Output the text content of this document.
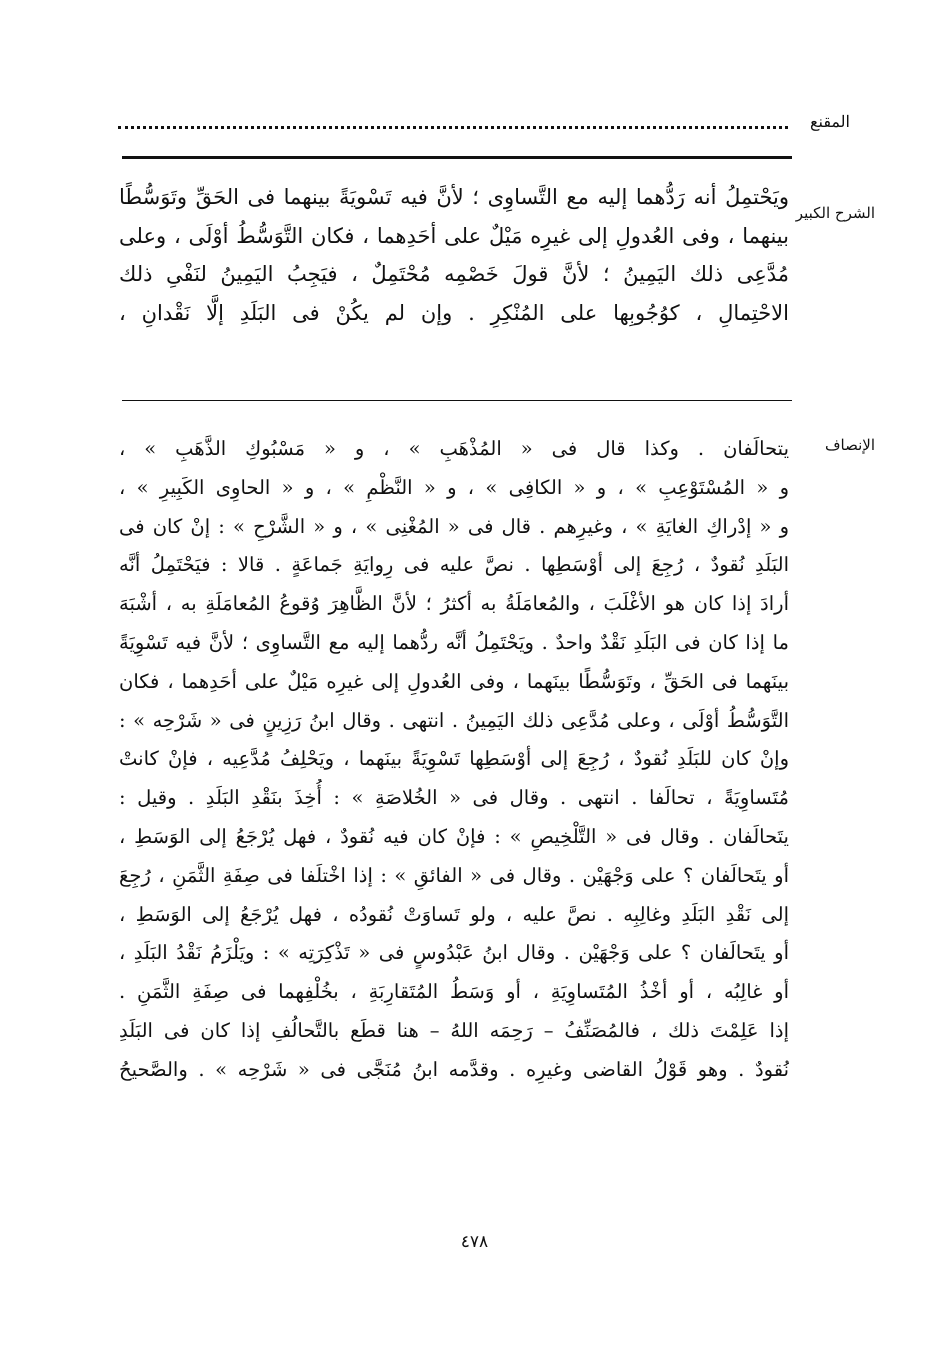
المقنع
الشرح الكبير
ويَحْتمِلُ أنه رَدُّهما إليه مع التَّساوِى ؛ لأنَّ فيه تَسْويَةً بينهما فى الحَقِّ وتَوَسُّطًا
بينهما ، وفى العُدولِ إلى غيرِه مَيْلٌ على أحَدِهما ، فكان التَّوَسُّطُ أوْلَى ، وعلى
مُدَّعِى ذلك اليَمِينُ ؛ لأنَّ قولَ خَصْمِه مُحْتَمِلٌ ، فيَجِبُ اليَمِينُ لنَفْىِ ذلك
الاحْتِمالِ ، كوُجُوبِها على المُنْكِرِ . وإن لم يكُنْ فى البَلَدِ إلَّا نَقْدانِ ،
الإنصاف
يتحالَفان . وكذا قال فى « المُذْهَبِ » ، و « مَسْبُوكِ الذَّهَبِ » ،
و « المُسْتَوْعِبِ » ، و « الكافِى » ، و « النَّظْمِ » ، و « الحاوِى الكَبِيرِ » ،
و « إدْراكِ الغايَةِ » ، وغيرِهم . قال فى « المُغْنِى » ، و « الشَّرْحِ » : إنْ كان فى
البَلَدِ نُقودٌ ، رُجِعَ إلى أوْسَطِها . نصَّ عليه فى رِوايَةِ جَماعَةٍ . قالا : فيَحْتَمِلُ أنَّه
أرادَ إذا كان هو الأغْلَبَ ، والمُعامَلَةُ به أكثرُ ؛ لأنَّ الظَّاهِرَ وُقوعُ المُعامَلَةِ به ، أشْبَهَ
ما إذا كان فى البَلَدِ نَقْدٌ واحدٌ . ويَحْتَمِلُ أنَّه ردُّهما إليه مع التَّساوِى ؛ لأنَّ فيه تَسْوِيَةً
بينَهما فى الحَقِّ ، وتَوَسُّطًا بينَهما ، وفى العُدولِ إلى غيرِه مَيْلٌ على أحَدِهما ، فكان
التَّوَسُّطُ أوْلَى ، وعلى مُدَّعِى ذلك اليَمِينُ . انتهى . وقال ابنُ رَزِينٍ فى « شَرْحِه » :
وإنْ كان للبَلَدِ نُقودٌ ، رُجِعَ إلى أوْسَطِها تَسْوِيَةً بينَهما ، ويَحْلِفُ مُدَّعِيه ، فإنْ كانتْ
مُتَساوِيَةً ، تحالَفا . انتهى . وقال فى « الخُلاصَةِ » : أُخِذَ بنَقْدِ البَلَدِ . وقيل :
يتَحالَفان . وقال فى « التَّلْخِيصِ » : فإنْ كان فيه نُقودٌ ، فهل يُرْجَعُ إلى الوَسَطِ ،
أو يتَحالَفان ؟ على وَجْهَيْن . وقال فى « الفائقِ » : إذا اخْتلَفا فى صِفَةِ الثَّمَنِ ، رُجِعَ
إلى نَقْدِ البَلَدِ وغالِبِه . نصَّ عليه ، ولو تَساوَتْ نُقودُه ، فهل يُرْجَعُ إلى الوَسَطِ ،
أو يتَحالَفان ؟ على وَجْهَيْن . وقال ابنُ عَبْدُوسٍ فى « تَذْكِرَتِه » : ويَلْزَمُ نَقْدُ البَلَدِ ،
أو غالِبُه ، أو أخْذُ المُتَساوِيَةِ ، أو وَسَطُ المُتَقارِبَةِ ، بخُلْفِهما فى صِفَةِ الثَّمَنِ .
إذا عَلِمْتَ ذلك ، فالمُصَنِّفُ – رَحِمَه اللهُ – هنا قطَع بالتَّحالُفِ إذا كان فى البَلَدِ
نُقودٌ . وهو قَوْلُ القاضى وغيرِه . وقدَّمه ابنُ مُنَجَّى فى « شَرْحِه » . والصَّحيحُ
٤٧٨
